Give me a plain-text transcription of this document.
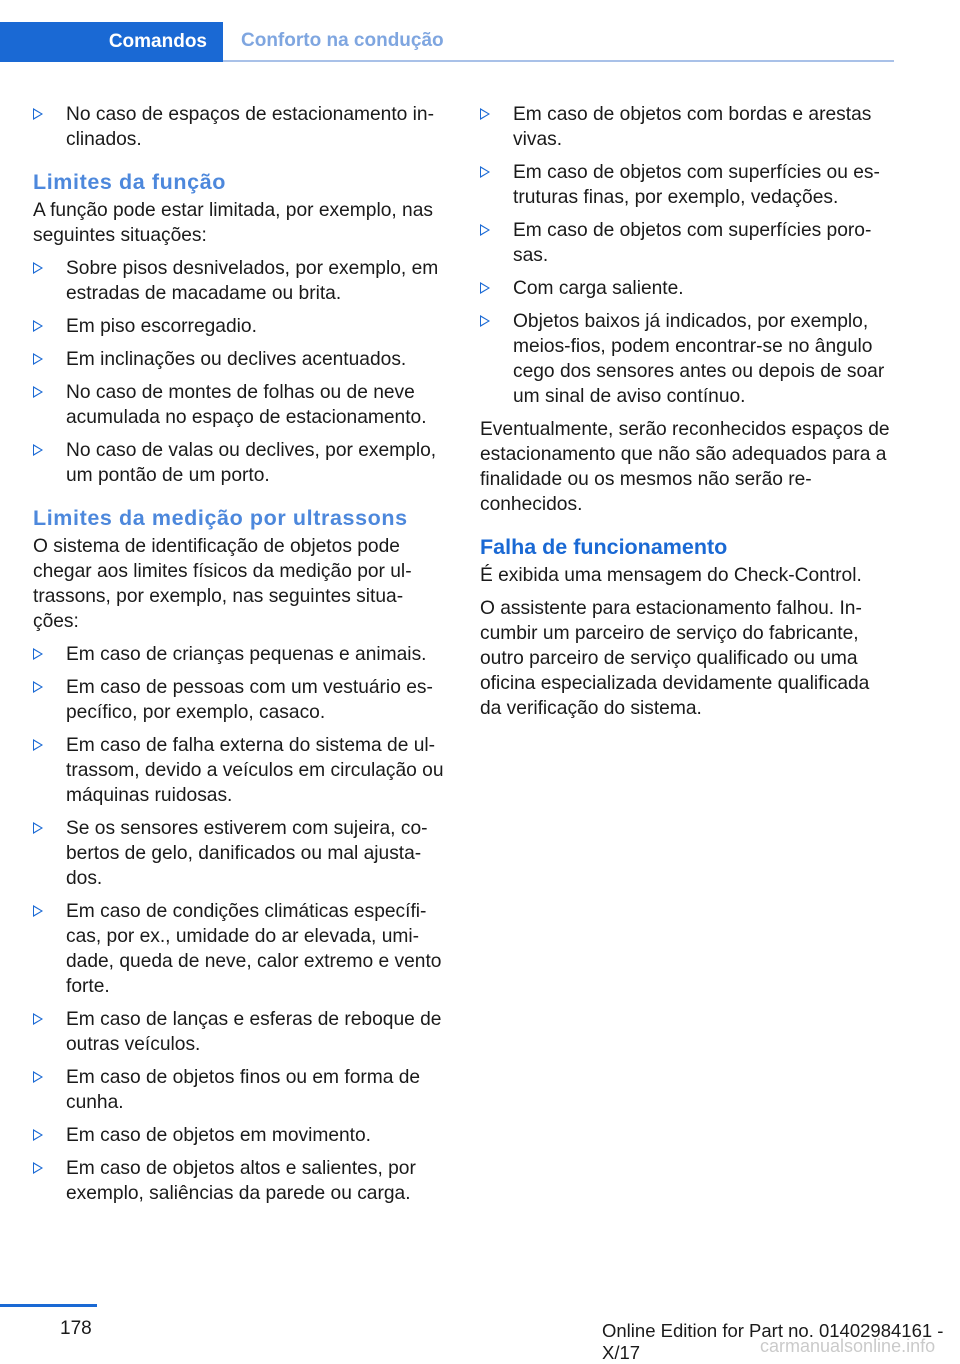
Comandos	Conforto na condução
No caso de espaços de estacionamento in‐clinados.
Limites da função
A função pode estar limitada, por exemplo, nas seguintes situações:
Sobre pisos desnivelados, por exemplo, em estradas de macadame ou brita.
Em piso escorregadio.
Em inclinações ou declives acentuados.
No caso de montes de folhas ou de neve acumulada no espaço de estacionamento.
No caso de valas ou declives, por exemplo, um pontão de um porto.
Limites da medição por ultrassons
O sistema de identificação de objetos pode chegar aos limites físicos da medição por ul‐trassons, por exemplo, nas seguintes situa‐ções:
Em caso de crianças pequenas e animais.
Em caso de pessoas com um vestuário es‐pecífico, por exemplo, casaco.
Em caso de falha externa do sistema de ul‐trassom, devido a veículos em circulação ou máquinas ruidosas.
Se os sensores estiverem com sujeira, co‐bertos de gelo, danificados ou mal ajusta‐dos.
Em caso de condições climáticas específi‐cas, por ex., umidade do ar elevada, umi‐dade, queda de neve, calor extremo e vento forte.
Em caso de lanças e esferas de reboque de outras veículos.
Em caso de objetos finos ou em forma de cunha.
Em caso de objetos em movimento.
Em caso de objetos altos e salientes, por exemplo, saliências da parede ou carga.
Em caso de objetos com bordas e arestas vivas.
Em caso de objetos com superfícies ou es‐truturas finas, por exemplo, vedações.
Em caso de objetos com superfícies poro‐sas.
Com carga saliente.
Objetos baixos já indicados, por exemplo, meios-fios, podem encontrar-se no ângulo cego dos sensores antes ou depois de soar um sinal de aviso contínuo.
Eventualmente, serão reconhecidos espaços de estacionamento que não são adequados para a finalidade ou os mesmos não serão re‐conhecidos.
Falha de funcionamento
É exibida uma mensagem do Check-Control.
O assistente para estacionamento falhou. In‐cumbir um parceiro de serviço do fabricante, outro parceiro de serviço qualificado ou uma oficina especializada devidamente qualificada da verificação do sistema.
178	Online Edition for Part no. 01402984161 - X/17	carmanualsonline.info
